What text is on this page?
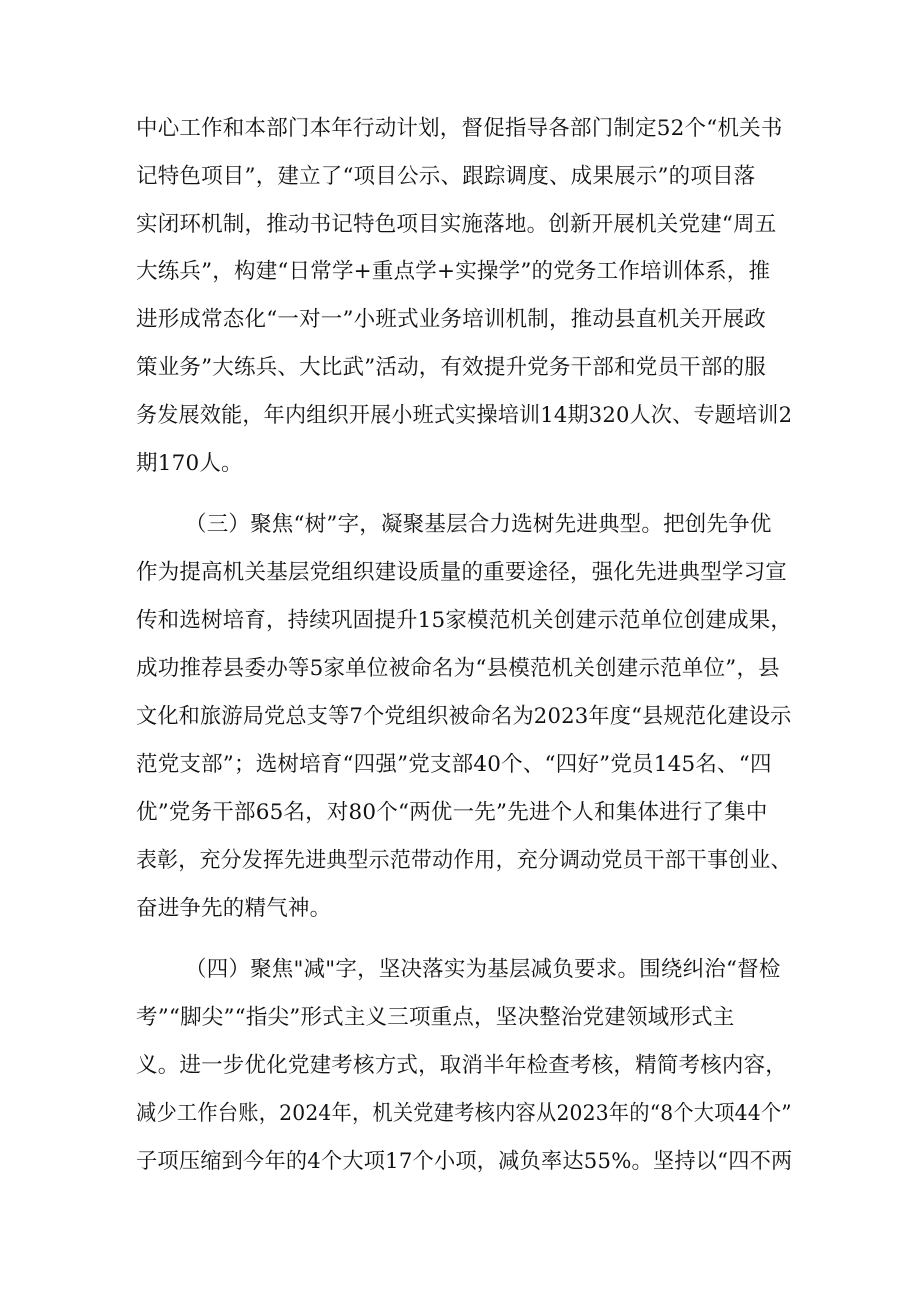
中心工作和本部门本年行动计划，督促指导各部门制定52个“机关书
记特色项目”，建立了“项目公示、跟踪调度、成果展示”的项目落
实闭环机制，推动书记特色项目实施落地。创新开展机关党建“周五
大练兵”，构建“日常学+重点学+实操学”的党务工作培训体系，推
进形成常态化“一对一”小班式业务培训机制，推动县直机关开展政
策业务”大练兵、大比武”活动，有效提升党务干部和党员干部的服
务发展效能，年内组织开展小班式实操培训14期320人次、专题培训2
期170人。
（三）聚焦“树”字，凝聚基层合力选树先进典型。把创先争优
作为提高机关基层党组织建设质量的重要途径，强化先进典型学习宣
传和选树培育，持续巩固提升15家模范机关创建示范单位创建成果，
成功推荐县委办等5家单位被命名为“县模范机关创建示范单位”，县
文化和旅游局党总支等7个党组织被命名为2023年度“县规范化建设示
范党支部”；选树培育“四强”党支部40个、“四好”党员145名、“四
优”党务干部65名，对80个“两优一先”先进个人和集体进行了集中
表彰，充分发挥先进典型示范带动作用，充分调动党员干部干事创业、
奋进争先的精气神。
（四）聚焦"减"字，坚决落实为基层减负要求。围绕纠治“督检
考”“脚尖”“指尖”形式主义三项重点，坚决整治党建领域形式主
义。进一步优化党建考核方式，取消半年检查考核，精简考核内容，
减少工作台账，2024年，机关党建考核内容从2023年的“8个大项44个”
子项压缩到今年的4个大项17个小项，减负率达55%。坚持以“四不两
